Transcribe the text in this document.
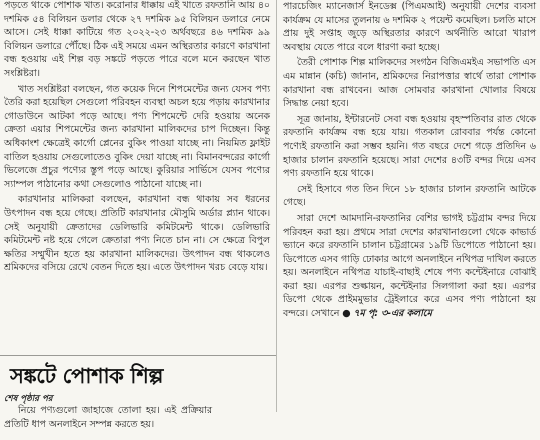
পড়তে থাকে পোশাক খাত। করোনার ধাক্কায় এই খাতে রফতানি আয় ৪০ দশমিক ৫৪ বিলিয়ন ডলার থেকে ২৭ দশমিক ৯৫ বিলিয়ন ডলারে নেমে আসে। সেই ধাক্কা কাটিয়ে গত ২০২২-২৩ অর্থবছরে ৪৬ দশমিক ৯৯ বিলিয়ন ডলারে পৌঁছে। ঠিক এই সময়ে এমন অস্থিরতার কারণে কারখানা বন্ধ হওয়ায় এই শিল্প বড় সঙ্কটে পড়তে পারে বলে মনে করছেন খাত সংশ্লিষ্টরা।

খাত সংশ্লিষ্টরা বলছেন, গত কয়েক দিনে শিপমেন্টের জন্য যেসব পণ্য তৈরি করা হয়েছিল সেগুলো পরিবহন ব্যবস্থা অচল হয়ে পড়ায় কারখানার গোডাউনে আটকা পড়ে আছে। পণ্য শিপমেন্টে দেরি হওয়ায় অনেক ক্রেতা এয়ার শিপমেন্টের জন্য কারখানা মালিকদের চাপ দিচ্ছেন। কিন্তু অধিকাংশ ক্ষেত্রেই কার্গো প্লেনের বুকিং পাওয়া যাচ্ছে না। নিয়মিত ফ্লাইট বাতিল হওয়ায় সেগুলোতেও বুকিং দেয়া যাচ্ছে না। বিমানবন্দরের কার্গো ভিলেজে প্রচুর পণ্যের স্তুপ পড়ে আছে। কুরিয়ার সার্ভিসে যেসব পণ্যের স্যাম্পল পাঠানোর কথা সেগুলোও পাঠানো যাচ্ছে না।

কারখানার মালিকরা বলছেন, কারখানা বন্ধ থাকায় সব ধরনের উৎপাদন বন্ধ হয়ে গেছে। প্রতিটি কারখানার মৌসুমি অর্ডার প্ল্যান থাকে। সেই অনুযায়ী ক্রেতাদের ডেলিভারি কমিটমেন্ট থাকে। ডেলিভারি কমিটমেন্ট নষ্ট হয়ে গেলে ক্রেতারা পণ্য নিতে চান না। সে ক্ষেত্রে বিপুল ক্ষতির সম্মুখীন হতে হয় কারখানা মালিকদের। উৎপাদন বন্ধ থাকলেও শ্রমিকদের বসিয়ে রেখে বেতন দিতে হয়। এতে উৎপাদন খরচ বেড়ে যায়।

পারচেজিং ম্যানেজার্স ইনডেক্স (পিএমআই) অনুযায়ী দেশের ব্যবসা কার্যক্রম যে মাসের তুলনায় ৬ দশমিক ২ পয়েন্ট কমেছিল। চলতি মাসে প্রায় দুই সপ্তাহ জুড়ে অস্থিরতার কারণে অর্থনীতি আরো খারাপ অবস্থায় যেতে পারে বলে ধারণা করা হচ্ছে।

তৈরী পোশাক শিল্প মালিকদের সংগঠন বিজিএমইএ সভাপতি এস এম মান্নান (কচি) জানান, শ্রমিকদের নিরাপত্তার স্বার্থে তারা পোশাক কারখানা বন্ধ রাখবেন। আজ সোমবার কারখানা খোলার বিষয়ে সিদ্ধান্ত নেয়া হবে।

সূত্র জানায়, ইন্টারনেট সেবা বন্ধ হওয়ায় বৃহস্পতিবার রাত থেকে রফতানি কার্যক্রম বন্ধ হয়ে যায়। গতকাল রোববার পর্যন্ত কোনো পণ্যেই রফতানি করা সম্ভব হয়নি। গত বছরে দেশে গড়ে প্রতিদিন ৬ হাজার চালান রফতানি হয়েছে। সারা দেশের ৪৩টি বন্দর দিয়ে এসব পণ্য রফতানি হয়ে থাকে।

সেই হিসাবে গত তিন দিনে ১৮ হাজার চালান রফতানি আটকে গেছে।

সারা দেশে আমদানি-রফতানির বেশির ভাগই চট্টগ্রাম বন্দর দিয়ে পরিবহন করা হয়। প্রথমে সারা দেশের কারখানাগুলো থেকে কাভার্ড ভ্যানে করে রফতানি চালান চট্টগ্রামের ১৯টি ডিপোতে পাঠানো হয়। ডিপোতে এসব গাড়ি ঢোকার আগে অনলাইনে নথিপত্র দাখিল করতে হয়। অনলাইনে নথিপত্র যাচাই-বাছাই শেষে পণ্য কন্টেইনারে বোঝাই করা হয়। এরপর শুল্কায়ন, কন্টেইনার সিলগালা করা হয়। এরপর ডিপো থেকে প্রাইমমুভার ট্রেইলারে করে এসব পণ্য পাঠানো হয় বন্দরে। সেখানে ● ৭ম পৃ: ৩-এর কলামে

সঙ্কটে পোশাক শিল্প
শেষ পৃষ্ঠার পর

নিয়ে পণ্যগুলো জাহাজে তোলা হয়। এই প্রক্রিয়ার প্রতিটি ধাপ অনলাইনে সম্পন্ন করতে হয়।
